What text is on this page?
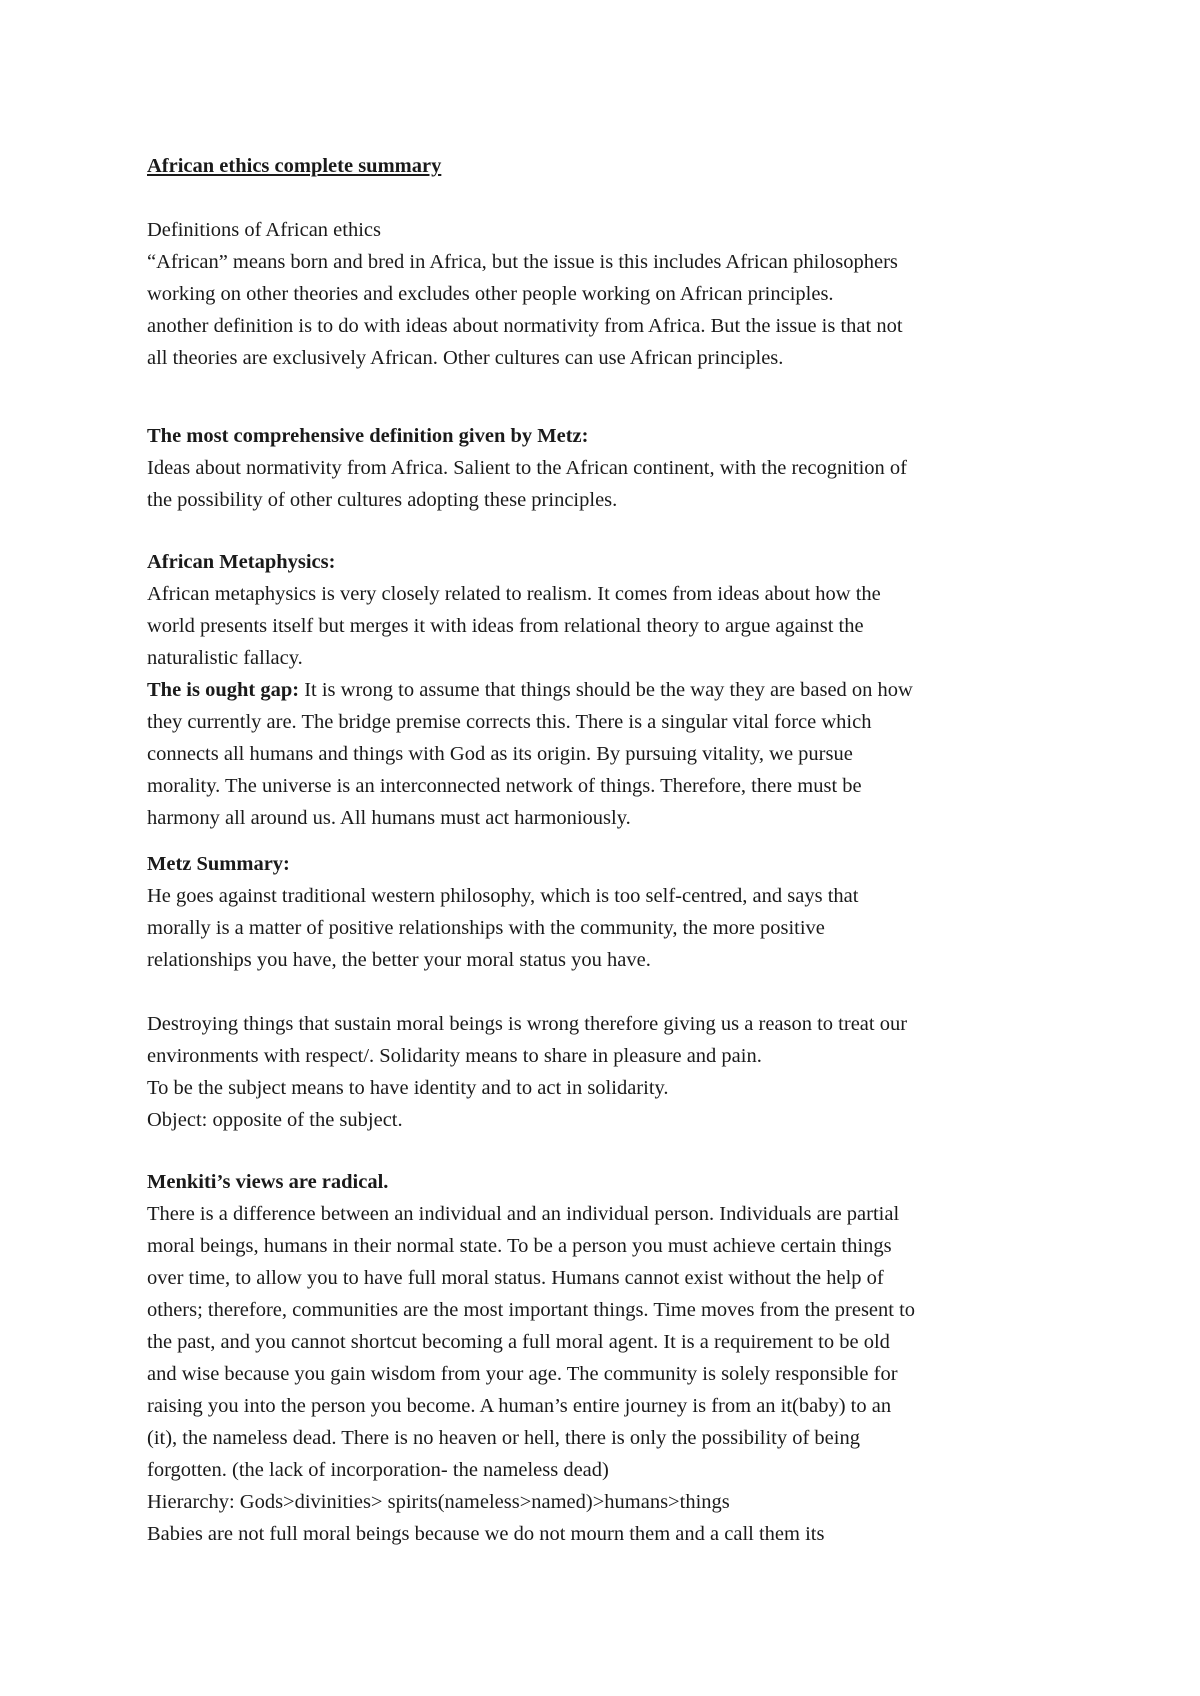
African ethics complete summary

Definitions of African ethics

“African” means born and bred in Africa, but the issue is this includes African philosophers

working on other theories and excludes other people working on African principles.

another definition is to do with ideas about normativity from Africa. But the issue is that not

all theories are exclusively African. Other cultures can use African principles.

The most comprehensive definition given by Metz:

Ideas about normativity from Africa. Salient to the African continent, with the recognition of

the possibility of other cultures adopting these principles.

African Metaphysics:

African metaphysics is very closely related to realism. It comes from ideas about how the

world presents itself but merges it with ideas from relational theory to argue against the

naturalistic fallacy.

The is ought gap: It is wrong to assume that things should be the way they are based on how

they currently are. The bridge premise corrects this. There is a singular vital force which

connects all humans and things with God as its origin. By pursuing vitality, we pursue

morality. The universe is an interconnected network of things. Therefore, there must be

harmony all around us. All humans must act harmoniously.

Metz Summary:

He goes against traditional western philosophy, which is too self-centred, and says that

morally is a matter of positive relationships with the community, the more positive

relationships you have, the better your moral status you have.

Destroying things that sustain moral beings is wrong therefore giving us a reason to treat our

environments with respect/. Solidarity means to share in pleasure and pain.

To be the subject means to have identity and to act in solidarity.

Object: opposite of the subject.

Menkiti’s views are radical.

There is a difference between an individual and an individual person. Individuals are partial

moral beings, humans in their normal state. To be a person you must achieve certain things

over time, to allow you to have full moral status. Humans cannot exist without the help of

others; therefore, communities are the most important things. Time moves from the present to

the past, and you cannot shortcut becoming a full moral agent. It is a requirement to be old

and wise because you gain wisdom from your age. The community is solely responsible for

raising you into the person you become. A human’s entire journey is from an it(baby) to an

(it), the nameless dead. There is no heaven or hell, there is only the possibility of being

forgotten. (the lack of incorporation- the nameless dead)

Hierarchy: Gods>divinities> spirits(nameless>named)>humans>things

Babies are not full moral beings because we do not mourn them and a call them its
